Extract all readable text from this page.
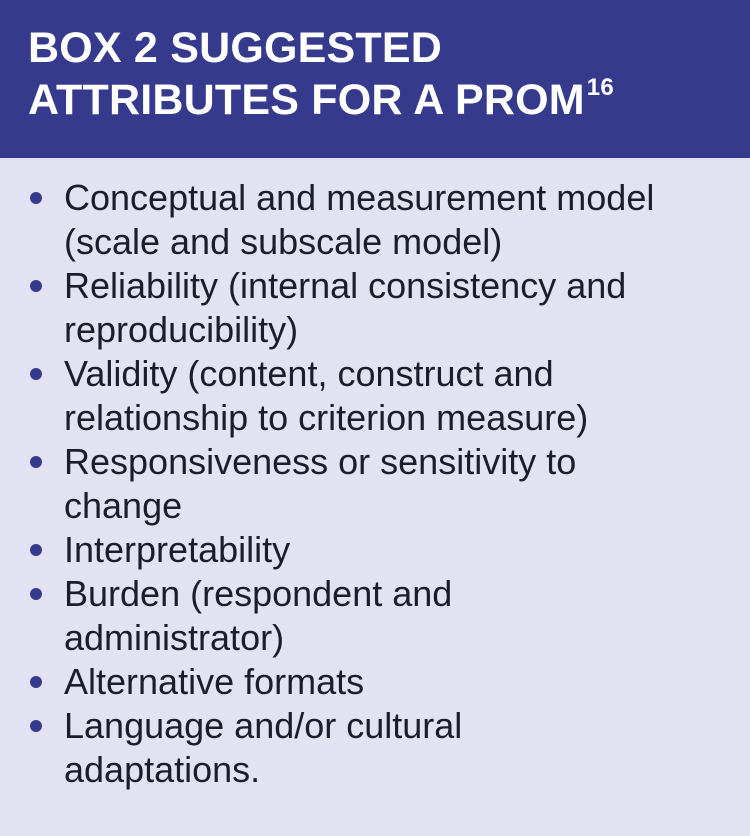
BOX 2 SUGGESTED
ATTRIBUTES FOR A PROM$^{16}$
Conceptual and measurement model
(scale and subscale model)
Reliability (internal consistency and
reproducibility)
Validity (content, construct and
relationship to criterion measure)
Responsiveness or sensitivity to
change
Interpretability
Burden (respondent and
administrator)
Alternative formats
Language and/or cultural
adaptations.
